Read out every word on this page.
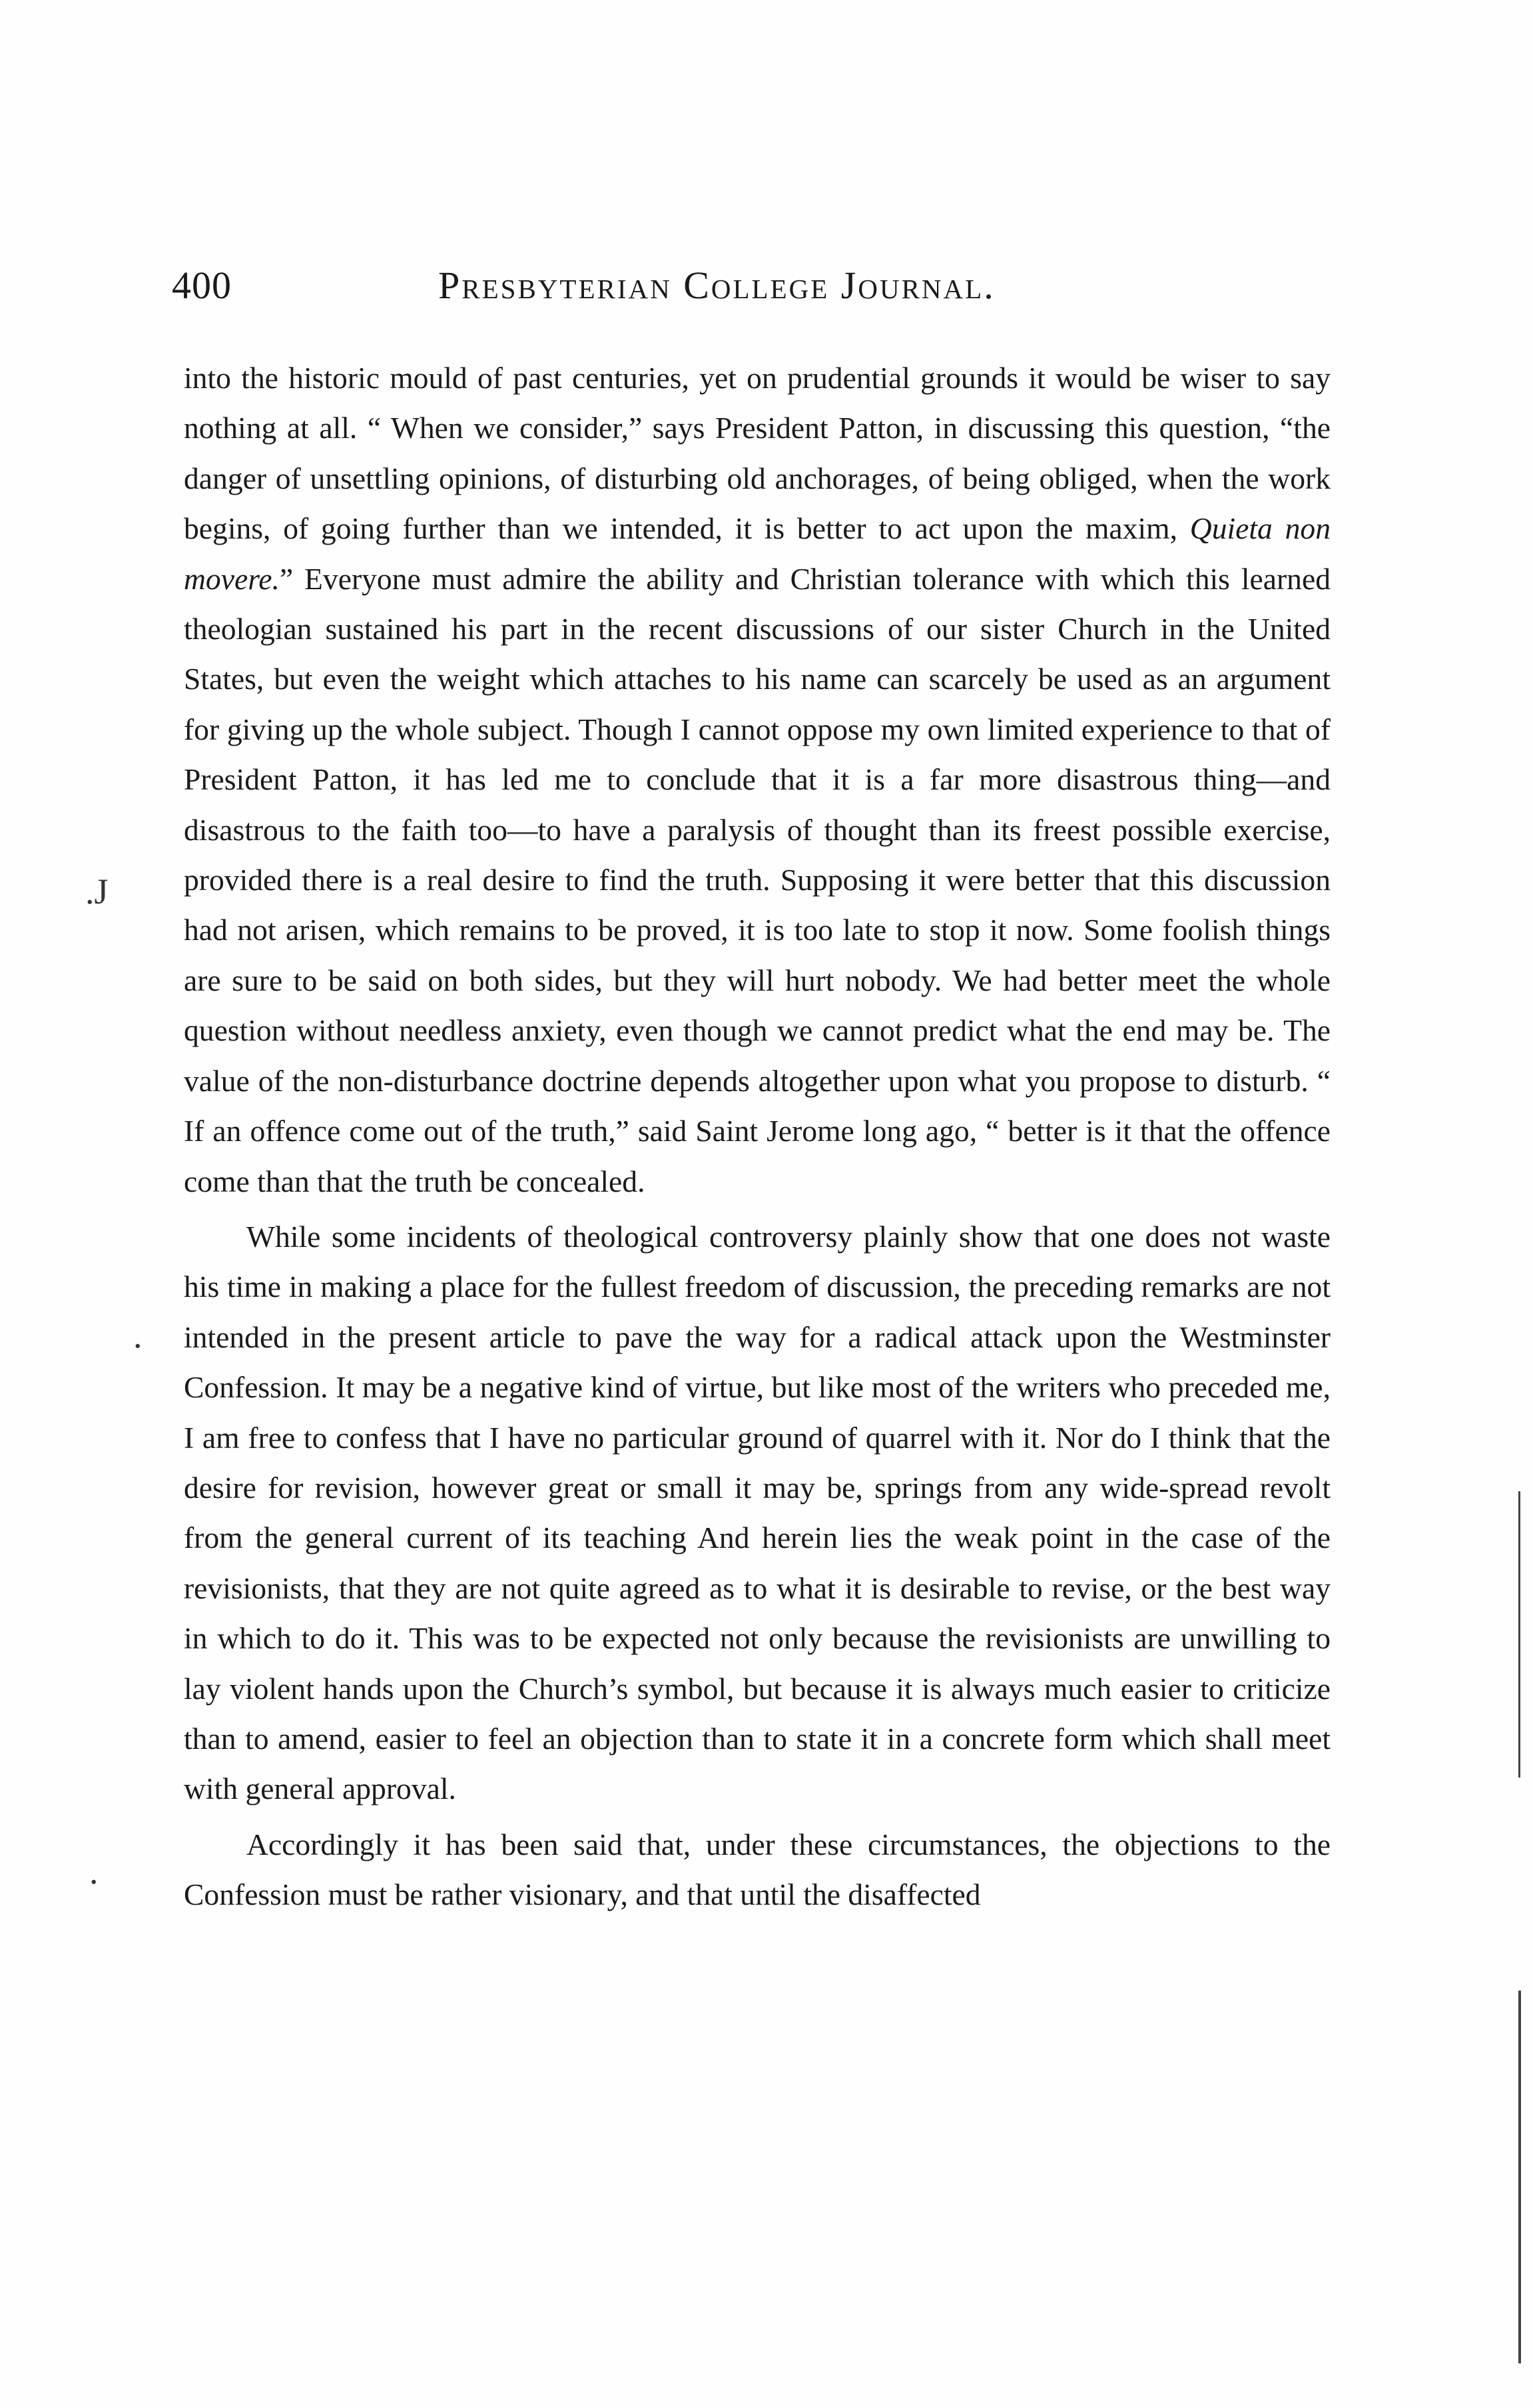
400	Presbyterian College Journal.

into the historic mould of past centuries, yet on prudential grounds it would be wiser to say nothing at all. “ When we consider,” says President Patton, in discussing this question, “the danger of unsettling opinions, of disturbing old anchorages, of being obliged, when the work begins, of going further than we intended, it is better to act upon the maxim, Quieta non movere.” Everyone must admire the ability and Christian tolerance with which this learned theologian sustained his part in the recent discussions of our sister Church in the United States, but even the weight which attaches to his name can scarcely be used as an argument for giving up the whole subject. Though I cannot oppose my own limited experience to that of President Patton, it has led me to conclude that it is a far more disastrous thing—and disastrous to the faith too—to have a paralysis of thought than its freest possible exercise, provided there is a real desire to find the truth. Supposing it were better that this discussion had not arisen, which remains to be proved, it is too late to stop it now. Some foolish things are sure to be said on both sides, but they will hurt nobody. We had better meet the whole question without needless anxiety, even though we cannot predict what the end may be. The value of the non-disturbance doctrine depends altogether upon what you propose to disturb. “ If an offence come out of the truth,” said Saint Jerome long ago, “ better is it that the offence come than that the truth be concealed.

While some incidents of theological controversy plainly show that one does not waste his time in making a place for the fullest freedom of discussion, the preceding remarks are not intended in the present article to pave the way for a radical attack upon the Westminster Confession. It may be a negative kind of virtue, but like most of the writers who preceded me, I am free to confess that I have no particular ground of quarrel with it. Nor do I think that the desire for revision, however great or small it may be, springs from any wide-spread revolt from the general current of its teaching And herein lies the weak point in the case of the revisionists, that they are not quite agreed as to what it is desirable to revise, or the best way in which to do it. This was to be expected not only because the revisionists are unwilling to lay violent hands upon the Church’s symbol, but because it is always much easier to criticize than to amend, easier to feel an objection than to state it in a concrete form which shall meet with general approval.

Accordingly it has been said that, under these circumstances, the objections to the Confession must be rather visionary, and that until the disaffected

.J
.
.
